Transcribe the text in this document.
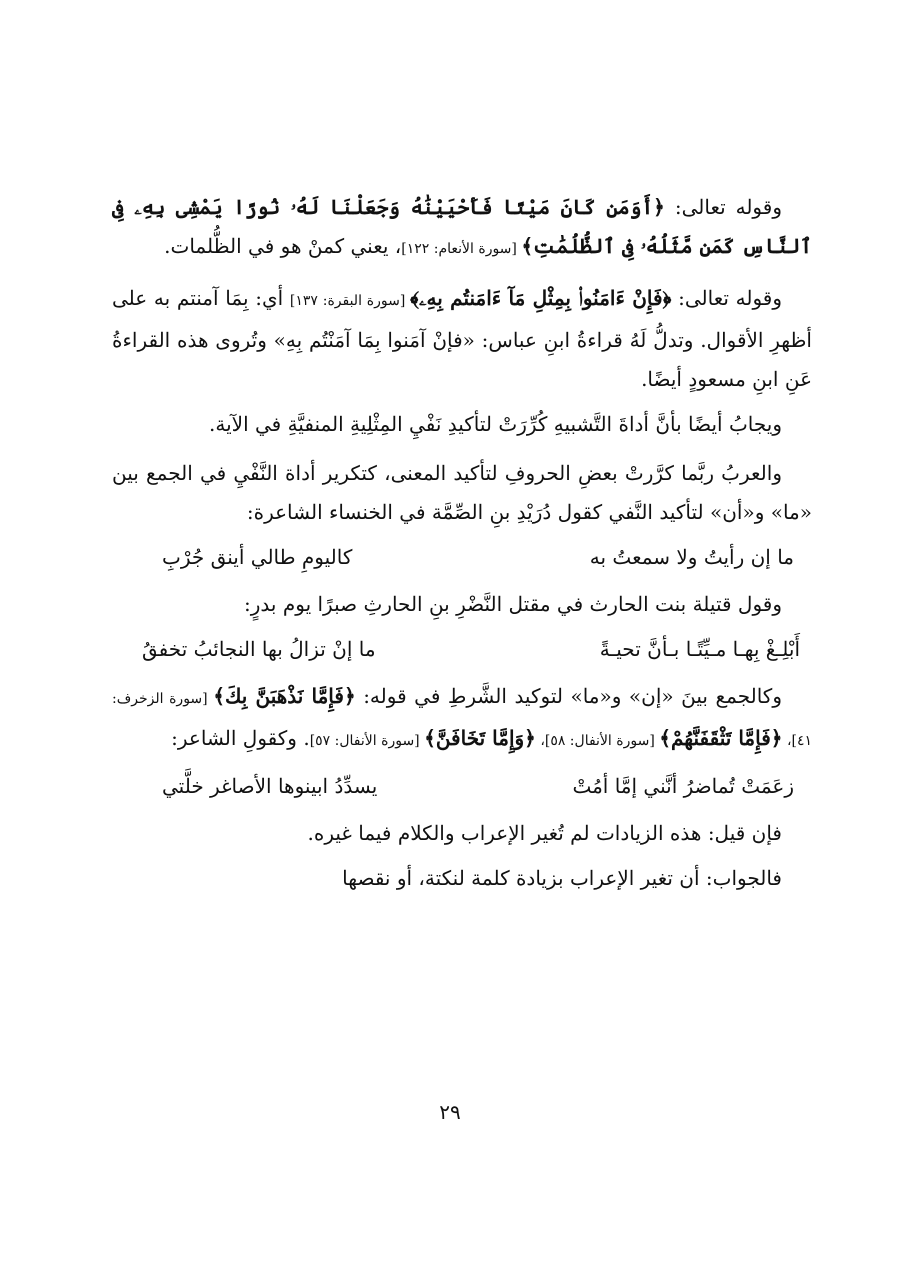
وقوله تعالى: ﴿أَوَمَن كَانَ مَيْتًا فَأَحْيَيْنَٰهُ وَجَعَلْنَا لَهُۥ نُورًا يَمْشِى بِهِۦ فِى ٱلنَّاسِ كَمَن مَّثَلُهُۥ فِى ٱلظُّلُمَٰتِ﴾ [سورة الأنعام: ١٢٢]، يعني كمنْ هو في الظُّلمات.

وقوله تعالى: ﴿فَإِنْ ءَامَنُوا۟ بِمِثْلِ مَآ ءَامَنتُم بِهِۦ﴾ [سورة البقرة: ١٣٧] أي: بِمَا آمنتم به على أظهرِ الأقوال. وتدلُّ لَهُ قراءةُ ابنِ عباس: «فإنْ آمَنوا بِمَا آمَنْتُم بِهِ» وتُروى هذه القراءةُ عَنِ ابنِ مسعودٍ أيضًا.

ويجابُ أيضًا بأنَّ أداةَ التَّشبيهِ كُرِّرَتْ لتأكيدِ نَفْيِ المِثْلِيةِ المنفيَّةِ في الآية.

والعربُ ربَّما كرَّرتْ بعضِ الحروفِ لتأكيد المعنى، كتكرير أداة النَّفْيِ في الجمع بين «ما» و«أن» لتأكيد النَّفي كقول دُرَيْدِ بنِ الصِّمَّة في الخنساء الشاعرة:

ما إن رأيتُ ولا سمعتُ به
كاليومِ طالي أينق جُرْبِ

وقول قتيلة بنت الحارث في مقتل النَّضْرِ بنِ الحارثِ صبرًا يوم بدرٍ:

أَبْلِـغْ بِهـا مـيِّتًـا بـأنَّ تحيـةً
ما إنْ تزالُ بها النجائبُ تخفقُ

وكالجمع بينَ «إن» و«ما» لتوكيد الشَّرطِ في قوله: ﴿فَإِمَّا نَذْهَبَنَّ بِكَ﴾ [سورة الزخرف: ٤١]، ﴿فَإِمَّا تَثْقَفَنَّهُمْ﴾ [سورة الأنفال: ٥٨]، ﴿وَإِمَّا تَخَافَنَّ﴾ [سورة الأنفال: ٥٧]. وكقولِ الشاعر:

زعَمَتْ تُماضرُ أنَّني إمَّا أمُتْ
يسدِّدُ ابينوها الأصاغر خلَّتي

فإن قيل: هذه الزيادات لم تُغير الإعراب والكلام فيما غيره.

فالجواب: أن تغير الإعراب بزيادة كلمة لنكتة، أو نقصها

٢٩
